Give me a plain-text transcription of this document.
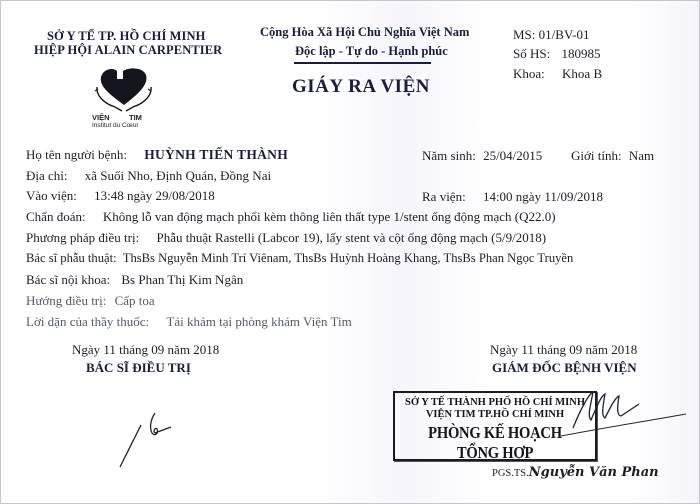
SỞ Y TẾ TP. HỒ CHÍ MINH
HIỆP HỘI ALAIN CARPENTIER
VIỆN	TIM
Institut du Cœur
Cộng Hòa Xã Hội Chủ Nghĩa Việt Nam
Độc lập - Tự do - Hạnh phúc
GIÁY RA VIỆN
MS: 01/BV-01
Số HS: 180985
Khoa: Khoa B
Họ tên người bệnh: HUỲNH TIẾN THÀNH	Năm sinh: 25/04/2015 Giới tính: Nam
Địa chỉ: xã Suối Nho, Định Quán, Đồng Nai
Vào viện: 13:48 ngày 29/08/2018	Ra viện: 14:00 ngày 11/09/2018
Chẩn đoán: Không lỗ van động mạch phổi kèm thông liên thất type 1/stent ống động mạch (Q22.0)
Phương pháp điều trị: Phẫu thuật Rastelli (Labcor 19), lấy stent và cột ống động mạch (5/9/2018)
Bác sĩ phẫu thuật: ThsBs Nguyễn Minh Trí Viênam, ThsBs Huỳnh Hoàng Khang, ThsBs Phan Ngọc Truyền
Bác sĩ nội khoa: Bs Phan Thị Kim Ngân
Hướng điều trị: Cấp toa
Lời dặn của thầy thuốc: Tái khám tại phòng khám Viện Tim
Ngày 11 tháng 09 năm 2018
BÁC SĨ ĐIỀU TRỊ
Ngày 11 tháng 09 năm 2018
GIÁM ĐỐC BỆNH VIỆN
SỞ Y TẾ THÀNH PHỐ HỒ CHÍ MINH
VIỆN TIM TP.HỒ CHÍ MINH
PHÒNG KẾ HOẠCH TỔNG HỢP
PGS.TS.Nguyễn Văn Phan
